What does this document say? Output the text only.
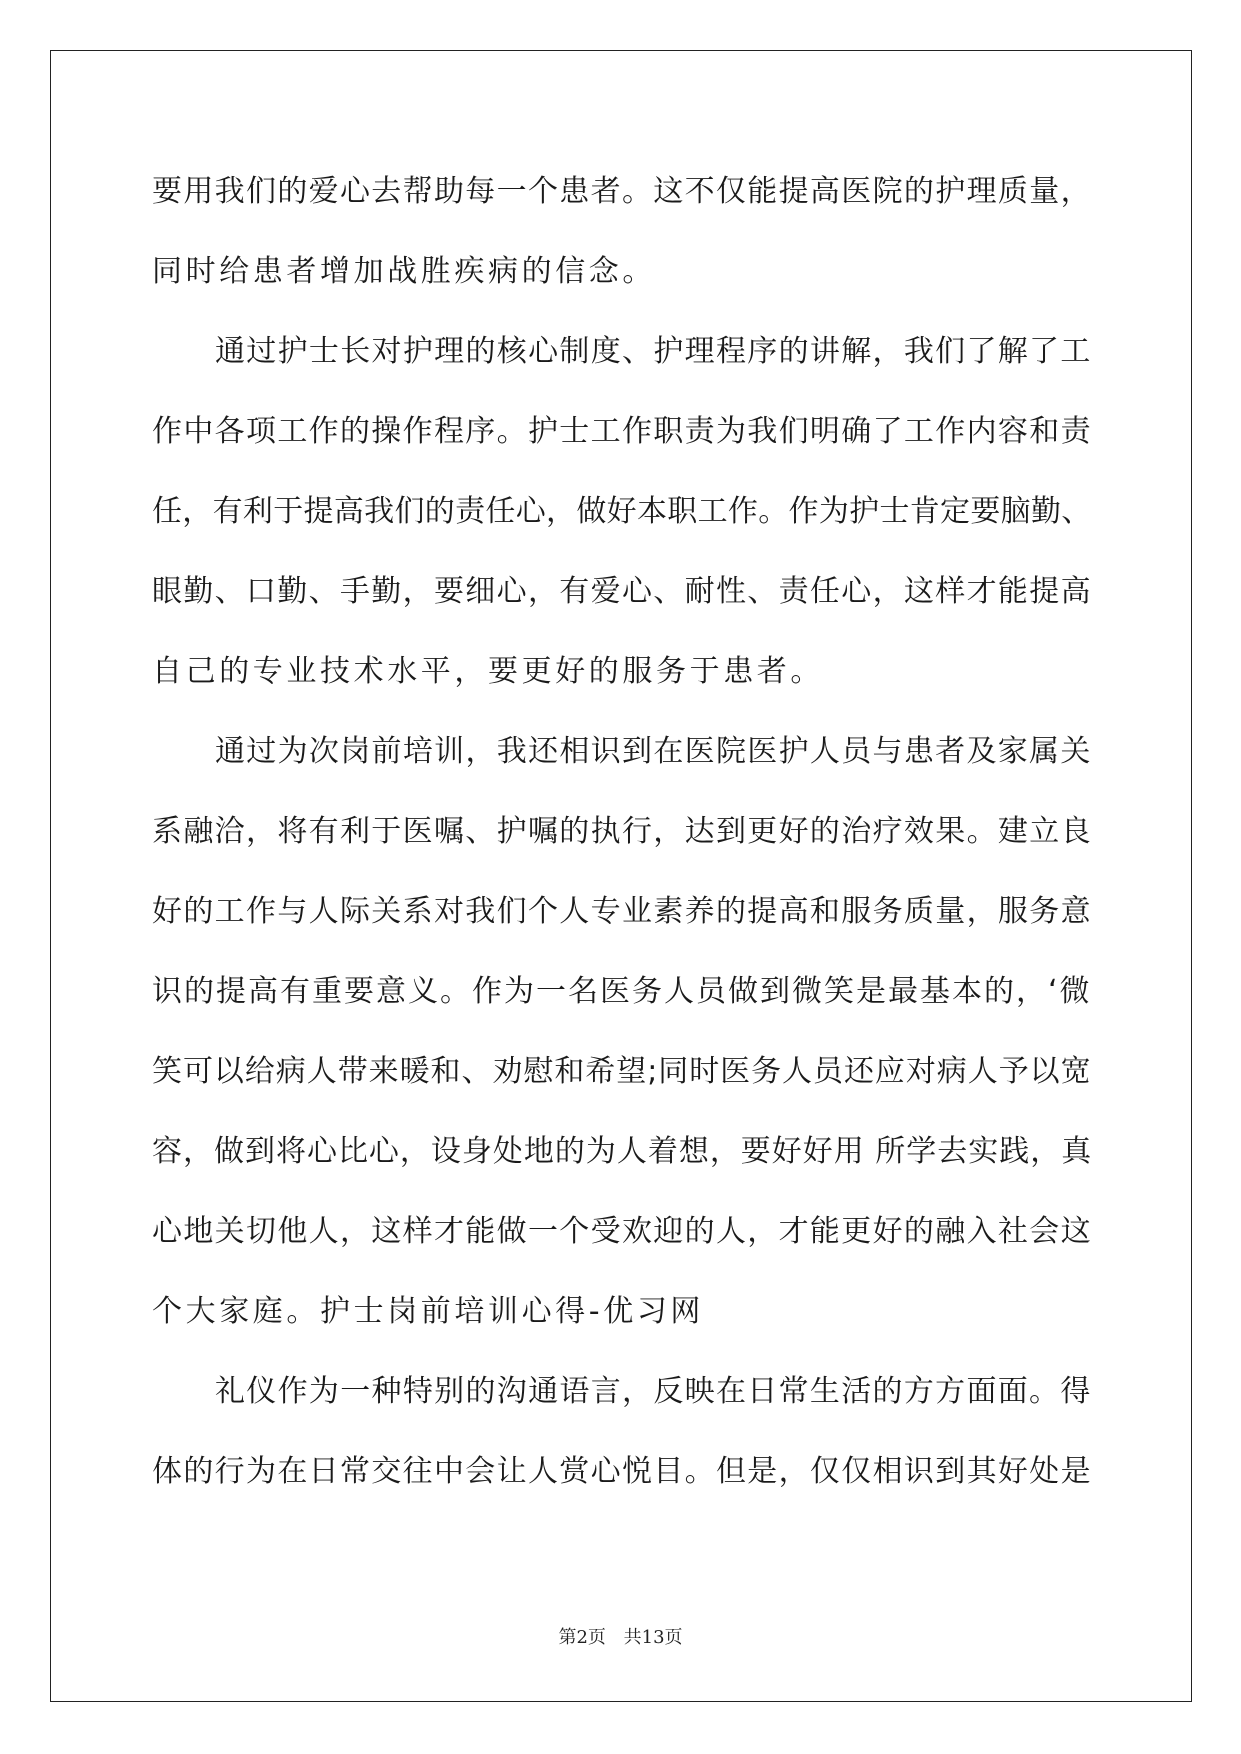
要用我们的爱心去帮助每一个患者。这不仅能提高医院的护理质量，
同时给患者增加战胜疾病的信念。
通过护士长对护理的核心制度、护理程序的讲解，我们了解了工
作中各项工作的操作程序。护士工作职责为我们明确了工作内容和责
任，有利于提高我们的责任心，做好本职工作。作为护士肯定要脑勤、
眼勤、口勤、手勤，要细心，有爱心、耐性、责任心，这样才能提高
自己的专业技术水平，要更好的服务于患者。
通过为次岗前培训，我还相识到在医院医护人员与患者及家属关
系融洽，将有利于医嘱、护嘱的执行，达到更好的治疗效果。建立良
好的工作与人际关系对我们个人专业素养的提高和服务质量，服务意
识的提高有重要意义。作为一名医务人员做到微笑是最基本的，‘微
笑可以给病人带来暖和、劝慰和希望;同时医务人员还应对病人予以宽
容，做到将心比心，设身处地的为人着想，要好好用 所学去实践，真
心地关切他人，这样才能做一个受欢迎的人，才能更好的融入社会这
个大家庭。护士岗前培训心得-优习网
礼仪作为一种特别的沟通语言，反映在日常生活的方方面面。得
体的行为在日常交往中会让人赏心悦目。但是，仅仅相识到其好处是
第2页 共13页
